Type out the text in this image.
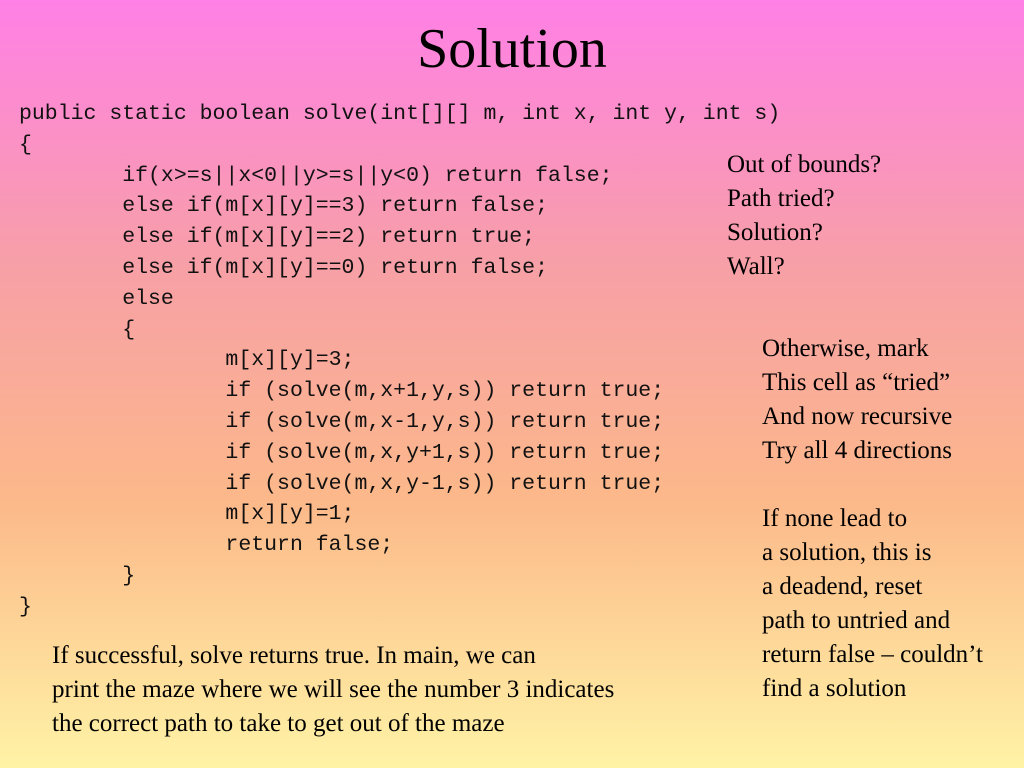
Solution
public static boolean solve(int[][] m, int x, int y, int s)
{
if(x>=s||x<0||y>=s||y<0) return false;
else if(m[x][y]==3) return false;
else if(m[x][y]==2) return true;
else if(m[x][y]==0) return false;
else
{
m[x][y]=3;
if (solve(m,x+1,y,s)) return true;
if (solve(m,x-1,y,s)) return true;
if (solve(m,x,y+1,s)) return true;
if (solve(m,x,y-1,s)) return true;
m[x][y]=1;
return false;
}
}
Out of bounds?
Path tried?
Solution?
Wall?
Otherwise, mark
This cell as “tried”
And now recursive
Try all 4 directions
If none lead to
a solution, this is
a deadend, reset
path to untried and
return false – couldn’t
find a solution
If successful, solve returns true. In main, we can
print the maze where we will see the number 3 indicates
the correct path to take to get out of the maze
